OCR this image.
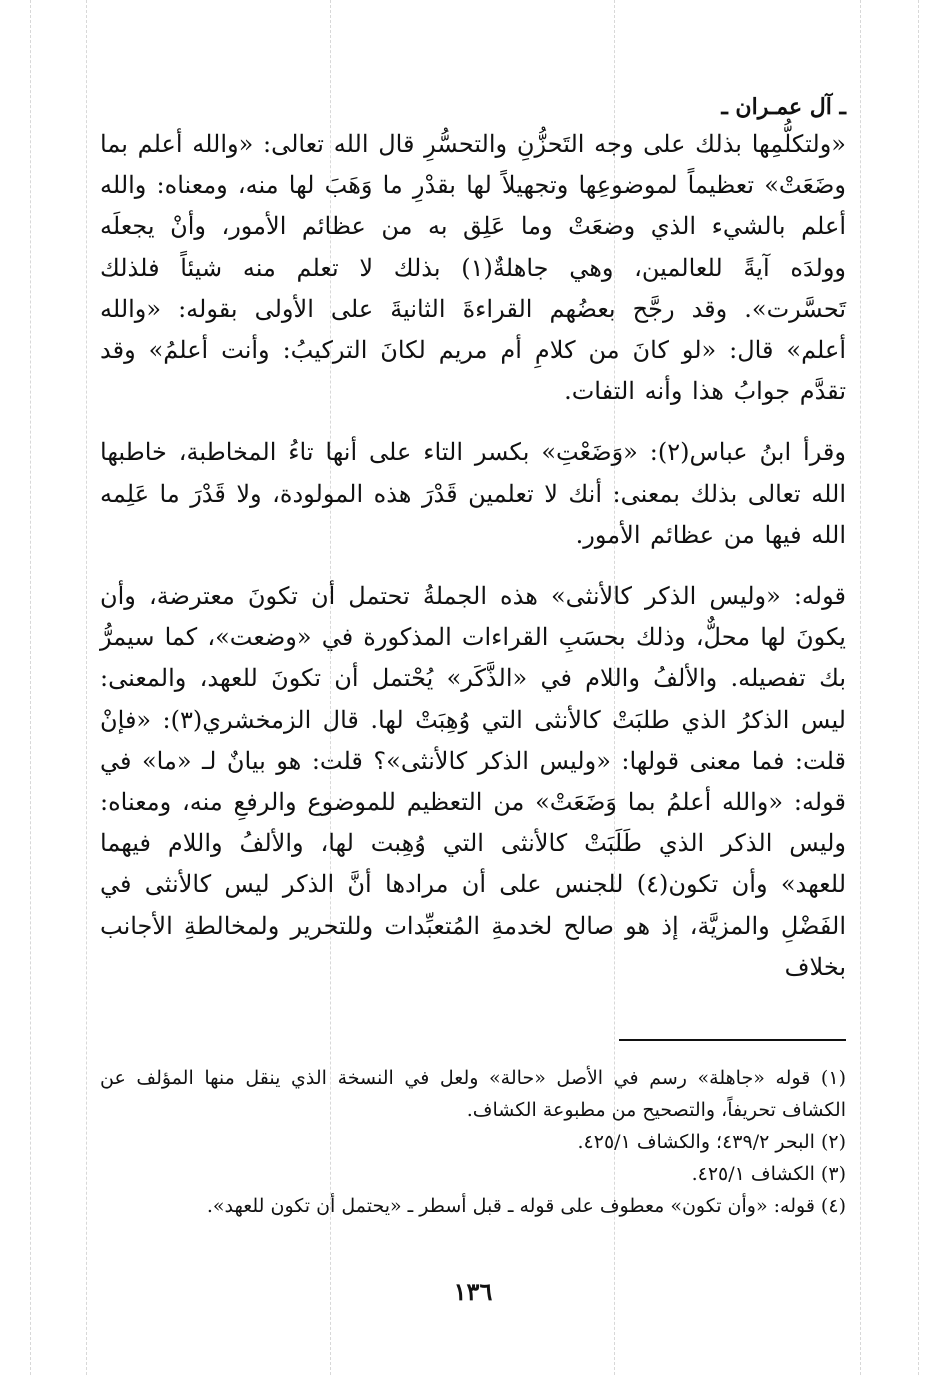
ـ آل عمـران ـ

«ولتكلُّمِها بذلك على وجه التَحزُّنِ والتحسُّرِ قال الله تعالى: «والله أعلم بما وضَعَتْ» تعظيماً لموضوعِها وتجهيلاً لها بقدْرِ ما وَهَبَ لها منه، ومعناه: والله أعلم بالشيء الذي وضعَتْ وما عَلِق به من عظائم الأمور، وأنْ يجعلَه وولدَه آيةً للعالمين، وهي جاهلةٌ(١) بذلك لا تعلم منه شيئاً فلذلك تَحسَّرت». وقد رجَّح بعضُهم القراءةَ الثانيةَ على الأولى بقوله: «والله أعلم» قال: «لو كانَ من كلامِ أم مريم لكانَ التركيبُ: وأنت أعلمُ» وقد تقدَّم جوابُ هذا وأنه التفات.

وقرأ ابنُ عباس(٢): «وَضَعْتِ» بكسر التاء على أنها تاءُ المخاطبة، خاطبها الله تعالى بذلك بمعنى: أنك لا تعلمين قَدْرَ هذه المولودة، ولا قَدْرَ ما عَلِمه الله فيها من عظائم الأمور.

قوله: «وليس الذكر كالأنثى» هذه الجملةُ تحتمل أن تكونَ معترضة، وأن يكونَ لها محلٌّ، وذلك بحسَبِ القراءات المذكورة في «وضعت»، كما سيمرُّ بك تفصيله. والألفُ واللام في «الذَّكَر» يُحْتمل أن تكونَ للعهد، والمعنى: ليس الذكرُ الذي طلبَتْ كالأنثى التي وُهِبَتْ لها. قال الزمخشري(٣): «فإنْ قلت: فما معنى قولها: «وليس الذكر كالأنثى»؟ قلت: هو بيانٌ لـ «ما» في قوله: «والله أعلمُ بما وَضَعَتْ» من التعظيم للموضوع والرفعِ منه، ومعناه: وليس الذكر الذي طَلَبَتْ كالأنثى التي وُهِبت لها، والألفُ واللام فيهما للعهد» وأن تكون(٤) للجنس على أن مرادها أنَّ الذكر ليس كالأنثى في الفَضْلِ والمزيَّة، إذ هو صالح لخدمةِ المُتعبِّدات وللتحرير ولمخالطةِ الأجانب بخلاف

(١) قوله «جاهلة» رسم في الأصل «حالة» ولعل في النسخة الذي ينقل منها المؤلف عن الكشاف تحريفاً، والتصحيح من مطبوعة الكشاف.

(٢) البحر ٤٣٩/٢؛ والكشاف ٤٢٥/١.

(٣) الكشاف ٤٢٥/١.

(٤) قوله: «وأن تكون» معطوف على قوله ـ قبل أسطر ـ «يحتمل أن تكون للعهد».

١٣٦
